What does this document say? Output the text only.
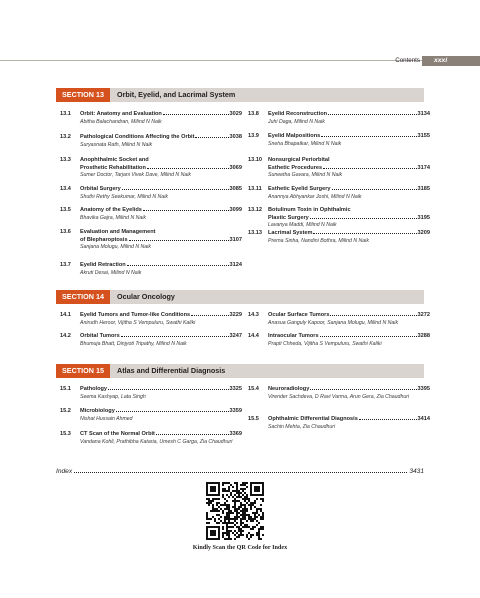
Contents	xxxi
SECTION 13	Orbit, Eyelid, and Lacrimal System
13.1	Orbit: Anatomy and Evaluation	3029
Abitha Balachandran, Milind N Naik
13.2	Pathological Conditions Affecting the Orbit	3038
Suryasnata Rath, Milind N Naik
13.3	Anophthalmic Socket and
Prosthetic Rehabilitation	3069
Sumer Doctor, Tarjani Vivek Dave, Milind N Naik
13.4	Orbital Surgery	3085
Shuthi Rethy Seekumar, Milind N Naik
13.5	Anatomy of the Eyelids	3099
Bhavika Gajra, Milind N Naik
13.6	Evaluation and Management
of Blepharoptosis	3107
Sanjana Molugu, Milind N Naik
13.7	Eyelid Retraction	3124
Akruti Desai, Milind N Naik
13.8	Eyelid Reconstruction	3134
Juhi Daga, Milind N Naik
13.9	Eyelid Malpositions	3155
Sneha Bhapatkar, Milind N Naik
13.10	Nonsurgical Periorbital
Esthetic Procedures	3174
Suneetha Gavara, Milind N Naik
13.11	Esthetic Eyelid Surgery	3185
Anannya Abhyankar Joshi, Milind N Naik
13.12	Botulinum Toxin in Ophthalmic
Plastic Surgery	3195
Lavanya Maddi, Milind N Naik
13.13	Lacrimal System	3209
Prerna Sinha, Nandini Bothra, Milind N Naik
SECTION 14	Ocular Oncology
14.1	Eyelid Tumors and Tumor-like Conditions	3229
Anirudh Heroor, Vijitha S Vempuluru, Swathi Kaliki
14.2	Orbital Tumors	3247
Bhumuja Bhatt, Dinjyoti Tripathy, Milind N Naik
14.3	Ocular Surface Tumors	3272
Anasua Ganguly Kapoor, Sanjana Molugu, Milind N Naik
14.4	Intraocular Tumors	3288
Prapti Chheda, Vijitha S Vempuluru, Swathi Kaliki
SECTION 15	Atlas and Differential Diagnosis
15.1	Pathology	3325
Seema Kashyap, Lata Singh
15.2	Microbiology	3359
Nishat Hussain Ahmed
15.3	CT Scan of the Normal Orbit	3369
Vandana Kohli, Prathibha Kataria, Umesh C Garga, Zia Chaudhuri
15.4	Neuroradiology	3395
Virender Sachdeva, D Ravi Varma, Arun Gera, Zia Chaudhuri
15.5	Ophthalmic Differential Diagnosis	3414
Sachin Mehta, Zia Chaudhuri
Index	3431
Kindly Scan the QR Code for Index
